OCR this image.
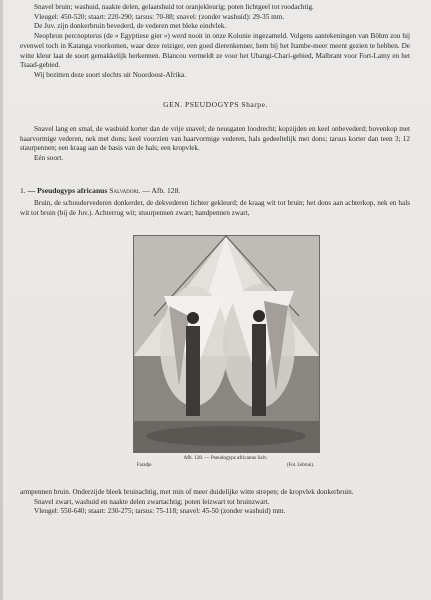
Snavel bruin; washuid, naakte delen, gelaatshuid tot oranjekleurig; poten lichtgeel tot roodachtig.

Vleugel: 450-520; staart: 220-290; tarsus: 70-88; snavel: (zonder washuid): 29-35 mm.

De Juv. zijn donkerbruin bevederd, de vederen met bleke eindvlek.

Neophron percnopterus (de « Egyptiese gier ») werd nooit in onze Kolonie ingezameld. Volgens aantekeningen van Böhm zou hij evenwel toch in Katanga voorkomen, waar deze reiziger, een goed dierenkenner, hem bij het Itambe-meer meent gezien te hebben. De witte kleur laat de soort gemakkelijk herkennen. Blancou vermeldt ze voor het Ubangi-Chari-gebied, Malbrant voor Fort-Lamy en het Tsaad-gebied.

Wij bezitten deze soort slechts uit Noordoost-Afrika.

GEN. PSEUDOGYPS Sharpe.

Snavel lang en smal, de washuid korter dan de vrije snavel; de neusgaten loodrecht; kopzijden en keel onbevederd; bovenkop met haarvormige vederen, nek met dons; keel voorzien van haarvormige vederen, hals gedeeltelijk met dons; tarsus korter dan teen 3; 12 staurpennen; een kraag aan de basis van de hals; een kropvlek.

Eén soort.

1. — Pseudogyps africanus Salvadori. — Afb. 128.

Bruin, de schoudervederen donkerder, de dekvederen lichter gekleurd; de kraag wit tot bruin; het dons aan achterkop, nek en hals wit tot bruin (bij de Juv.). Achterrug wit; stuurpennen zwart; handpennen zwart,

Afb. 128. — Pseudogyps africanus Salv.
Faradje.	(Fot. Lebrun).

armpennen bruin. Onderzijde bleek bruinachtig, met min of meer duidelijke witte strepen; de kropvlek donkerbruin.

Snavel zwart, washuid en naakte delen zwartachtig; poten leizwart tot bruinzwart.

Vleugel: 550-640; staart: 230-275; tarsus: 75-118; snavel: 45-50 (zonder washuid) mm.
